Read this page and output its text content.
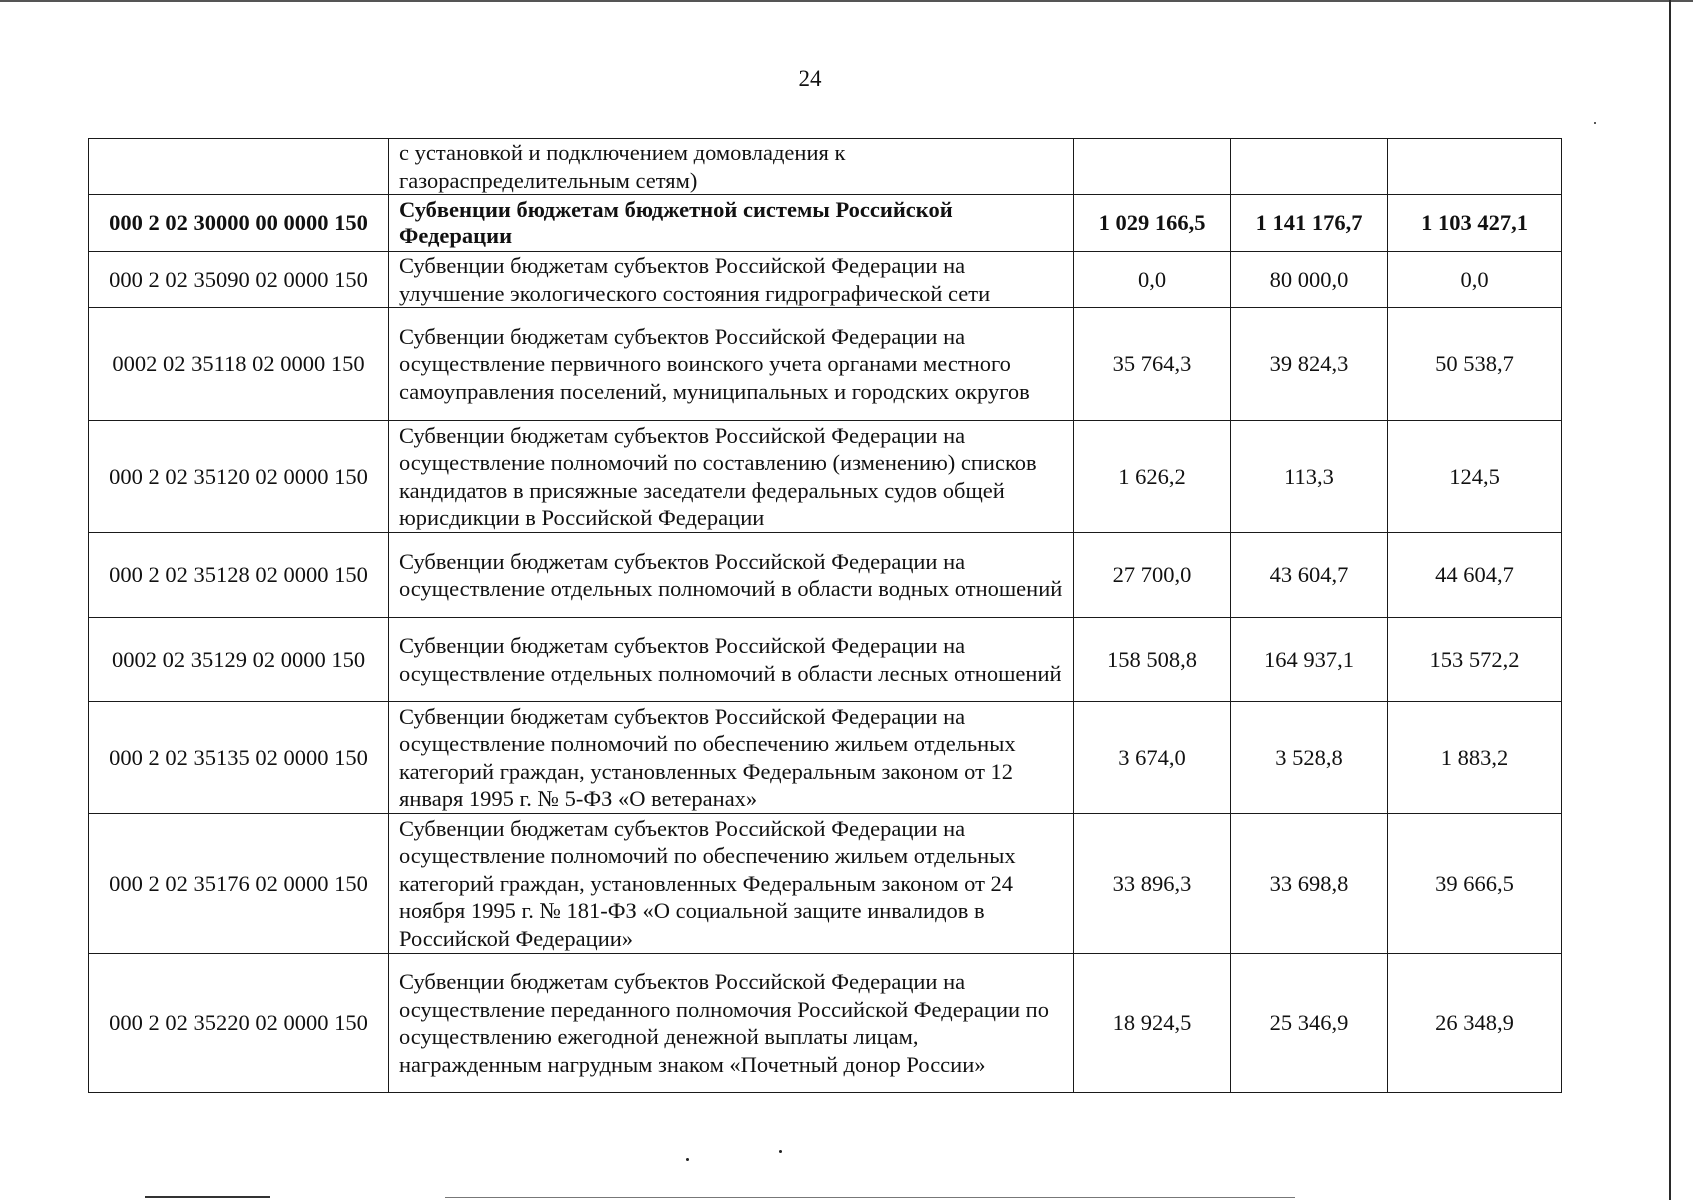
24
	с установкой и подключением домовладения к газораспределительным сетям)			
000 2 02 30000 00 0000 150	Субвенции бюджетам бюджетной системы Российской Федерации	1 029 166,5	1 141 176,7	1 103 427,1
000 2 02 35090 02 0000 150	Субвенции бюджетам субъектов Российской Федерации на улучшение экологического состояния гидрографической сети	0,0	80 000,0	0,0
0002 02 35118 02 0000 150	Субвенции бюджетам субъектов Российской Федерации на осуществление первичного воинского учета органами местного самоуправления поселений, муниципальных и городских округов	35 764,3	39 824,3	50 538,7
000 2 02 35120 02 0000 150	Субвенции бюджетам субъектов Российской Федерации на осуществление полномочий по составлению (изменению) списков кандидатов в присяжные заседатели федеральных судов общей юрисдикции в Российской Федерации	1 626,2	113,3	124,5
000 2 02 35128 02 0000 150	Субвенции бюджетам субъектов Российской Федерации на осуществление отдельных полномочий в области водных отношений	27 700,0	43 604,7	44 604,7
0002 02 35129 02 0000 150	Субвенции бюджетам субъектов Российской Федерации на осуществление отдельных полномочий в области лесных отношений	158 508,8	164 937,1	153 572,2
000 2 02 35135 02 0000 150	Субвенции бюджетам субъектов Российской Федерации на осуществление полномочий по обеспечению жильем отдельных категорий граждан, установленных Федеральным законом от 12 января 1995 г. № 5-ФЗ «О ветеранах»	3 674,0	3 528,8	1 883,2
000 2 02 35176 02 0000 150	Субвенции бюджетам субъектов Российской Федерации на осуществление полномочий по обеспечению жильем отдельных категорий граждан, установленных Федеральным законом от 24 ноября 1995 г. № 181-ФЗ «О социальной защите инвалидов в Российской Федерации»	33 896,3	33 698,8	39 666,5
000 2 02 35220 02 0000 150	Субвенции бюджетам субъектов Российской Федерации на осуществление переданного полномочия Российской Федерации по осуществлению ежегодной денежной выплаты лицам, награжденным нагрудным знаком «Почетный донор России»	18 924,5	25 346,9	26 348,9
